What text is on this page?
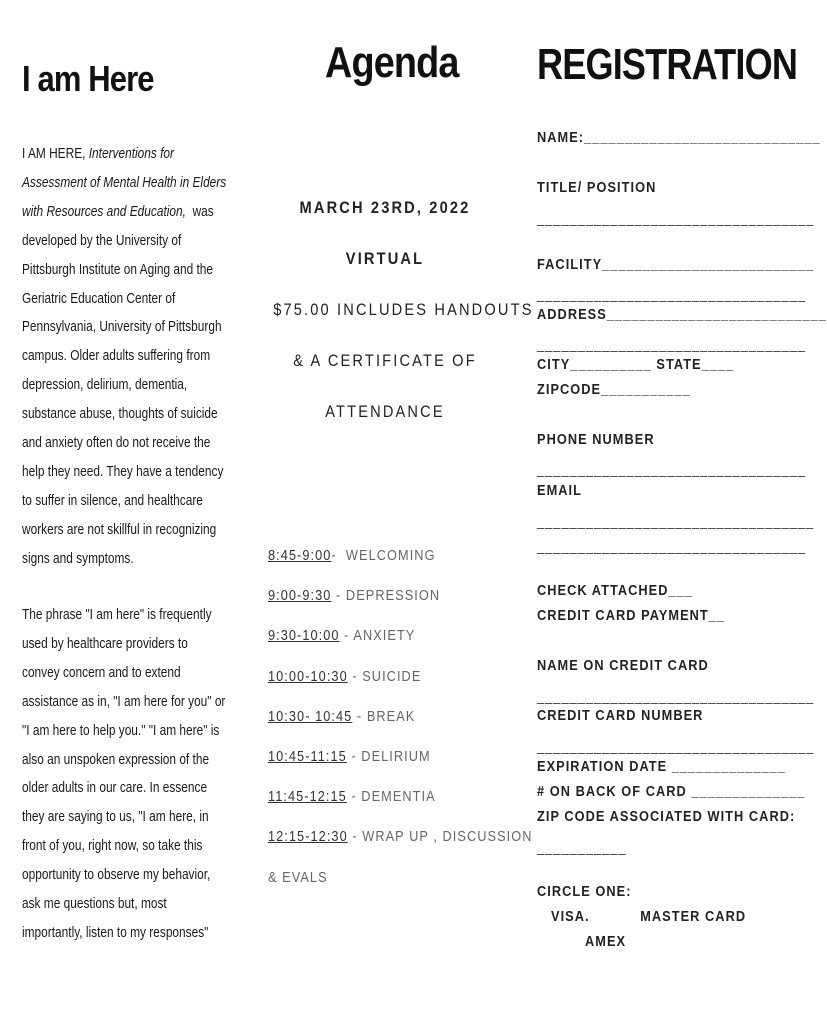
I am Here
I AM HERE, Interventions for
Assessment of Mental Health in Elders
with Resources and Education,  was
developed by the University of
Pittsburgh Institute on Aging and the
Geriatric Education Center of
Pennsylvania, University of Pittsburgh
campus. Older adults suffering from
depression, delirium, dementia,
substance abuse, thoughts of suicide
and anxiety often do not receive the
help they need. They have a tendency
to suffer in silence, and healthcare
workers are not skillful in recognizing
signs and symptoms.
The phrase "I am here" is frequently
used by healthcare providers to
convey concern and to extend
assistance as in, "I am here for you" or
"I am here to help you." "I am here" is
also an unspoken expression of the
older adults in our care. In essence
they are saying to us, "I am here, in
front of you, right now, so take this
opportunity to observe my behavior,
ask me questions but, most
importantly, listen to my responses"
Agenda
MARCH 23RD, 2022
VIRTUAL
$75.00 INCLUDES HANDOUTS
& A CERTIFICATE OF
ATTENDANCE
8:45-9:00-  WELCOMING
9:00-9:30 - DEPRESSION
9:30-10:00 - ANXIETY
10:00-10:30 - SUICIDE
10:30- 10:45 - BREAK
10:45-11:15 - DELIRIUM
11:45-12:15 - DEMENTIA
12:15-12:30 - WRAP UP , DISCUSSION
& EVALS
REGISTRATION
NAME:_____________________________
TITLE/ POSITION
__________________________________
FACILITY__________________________
_________________________________
ADDRESS___________________________
_________________________________
CITY__________ STATE____
ZIPCODE___________
PHONE NUMBER
_________________________________
EMAIL
__________________________________
_________________________________
CHECK ATTACHED___
CREDIT CARD PAYMENT__
NAME ON CREDIT CARD
__________________________________
CREDIT CARD NUMBER
__________________________________
EXPIRATION DATE ______________
# ON BACK OF CARD ______________
ZIP CODE ASSOCIATED WITH CARD:
___________
CIRCLE ONE:
VISA.           MASTER CARD
AMEX
